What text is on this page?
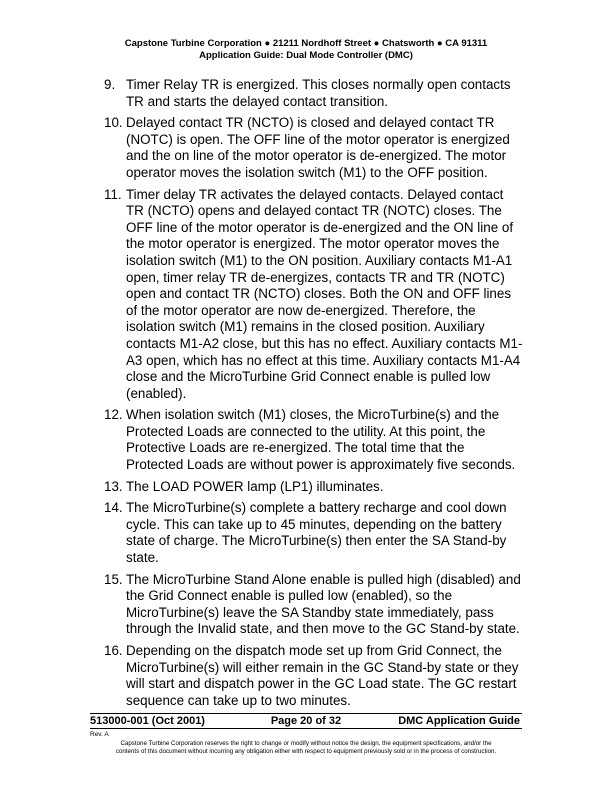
Capstone Turbine Corporation ● 21211 Nordhoff Street ● Chatsworth ● CA 91311
Application Guide: Dual Mode Controller (DMC)
9. Timer Relay TR is energized. This closes normally open contacts TR and starts the delayed contact transition.
10. Delayed contact TR (NCTO) is closed and delayed contact TR (NOTC) is open. The OFF line of the motor operator is energized and the on line of the motor operator is de-energized. The motor operator moves the isolation switch (M1) to the OFF position.
11. Timer delay TR activates the delayed contacts. Delayed contact TR (NCTO) opens and delayed contact TR (NOTC) closes. The OFF line of the motor operator is de-energized and the ON line of the motor operator is energized. The motor operator moves the isolation switch (M1) to the ON position. Auxiliary contacts M1-A1 open, timer relay TR de-energizes, contacts TR and TR (NOTC) open and contact TR (NCTO) closes. Both the ON and OFF lines of the motor operator are now de-energized. Therefore, the isolation switch (M1) remains in the closed position. Auxiliary contacts M1-A2 close, but this has no effect. Auxiliary contacts M1-A3 open, which has no effect at this time. Auxiliary contacts M1-A4 close and the MicroTurbine Grid Connect enable is pulled low (enabled).
12. When isolation switch (M1) closes, the MicroTurbine(s) and the Protected Loads are connected to the utility. At this point, the Protective Loads are re-energized. The total time that the Protected Loads are without power is approximately five seconds.
13. The LOAD POWER lamp (LP1) illuminates.
14. The MicroTurbine(s) complete a battery recharge and cool down cycle. This can take up to 45 minutes, depending on the battery state of charge. The MicroTurbine(s) then enter the SA Stand-by state.
15. The MicroTurbine Stand Alone enable is pulled high (disabled) and the Grid Connect enable is pulled low (enabled), so the MicroTurbine(s) leave the SA Standby state immediately, pass through the Invalid state, and then move to the GC Stand-by state.
16. Depending on the dispatch mode set up from Grid Connect, the MicroTurbine(s) will either remain in the GC Stand-by state or they will start and dispatch power in the GC Load state. The GC restart sequence can take up to two minutes.
513000-001 (Oct 2001)	Page 20 of 32	DMC Application Guide
Rev. A
Capstone Turbine Corporation reserves the right to change or modify without notice the design, the equipment specifications, and/or the
contents of this document without incurring any obligation either with respect to equipment previously sold or in the process of construction.
